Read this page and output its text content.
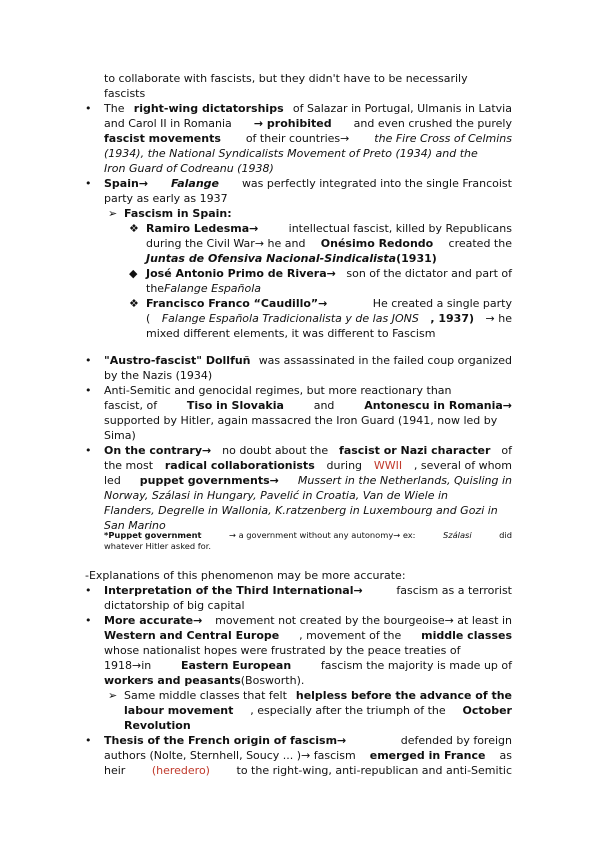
to collaborate with fascists, but they didn't have to be necessarily
fascists
• The right-wing dictatorships of Salazar in Portugal, Ulmanis in Latvia
and Carol II in Romania → prohibited and even crushed the purely
fascist movements of their countries→ the Fire Cross of Celmins
(1934), the National Syndicalists Movement of Preto (1934) and the
Iron Guard of Codreanu (1938)
• Spain→ Falange was perfectly integrated into the single Francoist
party as early as 1937
➢ Fascism in Spain:
❖ Ramiro Ledesma→	intellectual fascist, killed by Republicans
during the Civil War→ he and Onésimo Redondo created the
Juntas de Ofensiva Nacional-Sindicalista(1931)
◆ José Antonio Primo de Rivera→ son of the dictator and part of
theFalange Española
❖ Francisco Franco “Caudillo”→	He created a single party
( Falange Española Tradicionalista y de las JONS , 1937) → he
mixed different elements, it was different to Fascism
• "Austro-fascist" Dollfuñ was assassinated in the failed coup organized
by the Nazis (1934)
• Anti-Semitic and genocidal regimes, but more reactionary than
fascist, of	Tiso in Slovakia	and	Antonescu in Romania→
supported by Hitler, again massacred the Iron Guard (1941, now led by
Sima)
• On the contrary→ no doubt about the fascist or Nazi character of
the most radical collaborationists during WWII , several of whom
led puppet governments→ Mussert in the Netherlands, Quisling in
Norway, Szálasi in Hungary, Pavelić in Croatia, Van de Wiele in
Flanders, Degrelle in Wallonia, K.ratzenberg in Luxembourg and Gozi in
San Marino
*Puppet government	→ a government without any autonomy→ ex:	Szálasi	did
whatever Hitler asked for.
-Explanations of this phenomenon may be more accurate:
• Interpretation of the Third International→	fascism as a terrorist
dictatorship of big capital
• More accurate→ movement not created by the bourgeoise→ at least in
Western and Central Europe , movement of the middle classes
whose nationalist hopes were frustrated by the peace treaties of
1918→in	Eastern European	fascism the majority is made up of
workers and peasants(Bosworth).
➢ Same middle classes that felt helpless before the advance of the
labour movement , especially after the triumph of the October
Revolution
• Thesis of the French origin of fascism→	defended by foreign
authors (Nolte, Sternhell, Soucy ... )→ fascism emerged in France as
heir (heredero) to the right-wing, anti-republican and anti-Semitic
